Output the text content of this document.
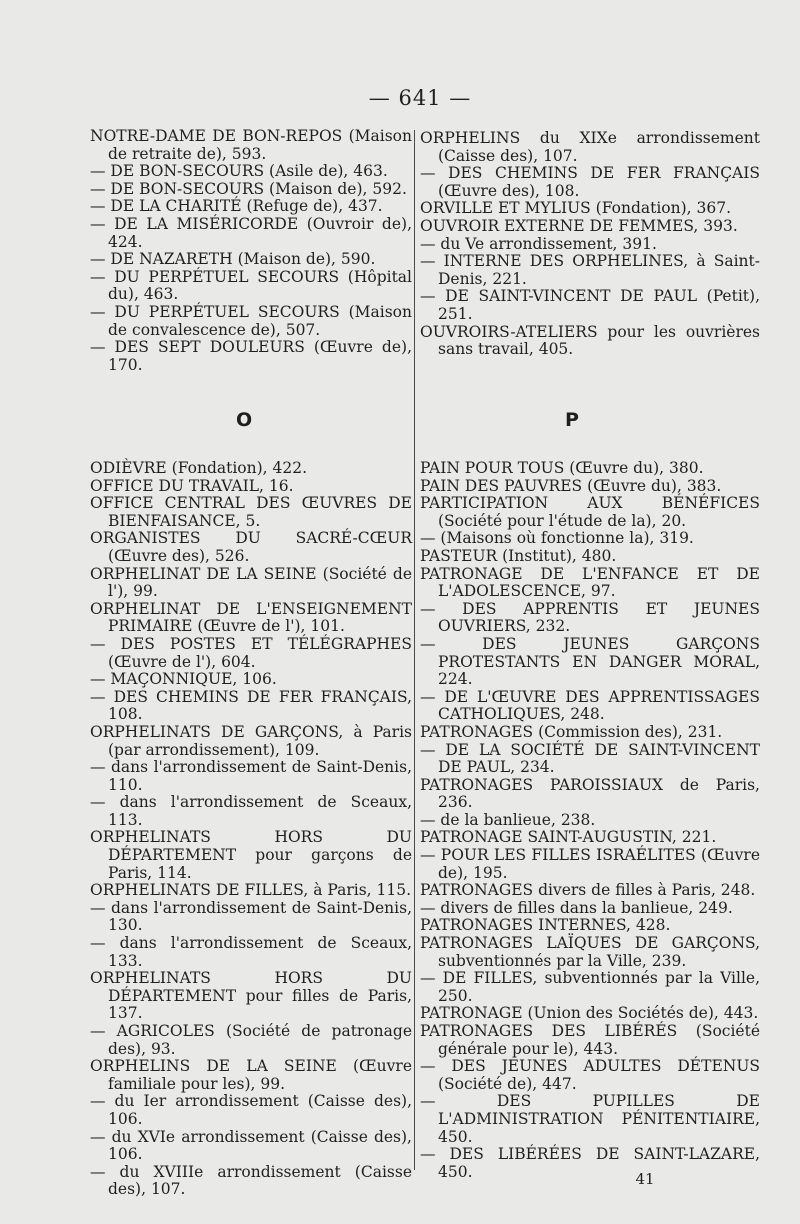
— 641 —

NOTRE-DAME DE BON-REPOS (Maison de retraite de), 593.

— DE BON-SECOURS (Asile de), 463.

— DE BON-SECOURS (Maison de), 592.

— DE LA CHARITÉ (Refuge de), 437.

— DE LA MISÉRICORDE (Ouvroir de), 424.

— DE NAZARETH (Maison de), 590.

— DU PERPÉTUEL SECOURS (Hôpital du), 463.

— DU PERPÉTUEL SECOURS (Maison de convalescence de), 507.

— DES SEPT DOULEURS (Œuvre de), 170.

ORPHELINS du XIXe arrondissement (Caisse des), 107.

— DES CHEMINS DE FER FRANÇAIS (Œuvre des), 108.

ORVILLE ET MYLIUS (Fondation), 367.

OUVROIR EXTERNE DE FEMMES, 393.

— du Ve arrondissement, 391.

— INTERNE DES ORPHELINES, à Saint-Denis, 221.

— DE SAINT-VINCENT DE PAUL (Petit), 251.

OUVROIRS-ATELIERS pour les ouvrières sans travail, 405.

O	P

ODIÈVRE (Fondation), 422.

OFFICE DU TRAVAIL, 16.

OFFICE CENTRAL DES ŒUVRES DE BIENFAISANCE, 5.

ORGANISTES DU SACRÉ-CŒUR (Œuvre des), 526.

ORPHELINAT DE LA SEINE (Société de l'), 99.

ORPHELINAT DE L'ENSEIGNEMENT PRIMAIRE (Œuvre de l'), 101.

— DES POSTES ET TÉLÉGRAPHES (Œuvre de l'), 604.

— MAÇONNIQUE, 106.

— DES CHEMINS DE FER FRANÇAIS, 108.

ORPHELINATS DE GARÇONS, à Paris (par arrondissement), 109.

— dans l'arrondissement de Saint-Denis, 110.

— dans l'arrondissement de Sceaux, 113.

ORPHELINATS HORS DU DÉPARTEMENT pour garçons de Paris, 114.

ORPHELINATS DE FILLES, à Paris, 115.

— dans l'arrondissement de Saint-Denis, 130.

— dans l'arrondissement de Sceaux, 133.

ORPHELINATS HORS DU DÉPARTEMENT pour filles de Paris, 137.

— AGRICOLES (Société de patronage des), 93.

ORPHELINS DE LA SEINE (Œuvre familiale pour les), 99.

— du Ier arrondissement (Caisse des), 106.

— du XVIe arrondissement (Caisse des), 106.

— du XVIIIe arrondissement (Caisse des), 107.

PAIN POUR TOUS (Œuvre du), 380.

PAIN DES PAUVRES (Œuvre du), 383.

PARTICIPATION AUX BÉNÉFICES (Société pour l'étude de la), 20.

— (Maisons où fonctionne la), 319.

PASTEUR (Institut), 480.

PATRONAGE DE L'ENFANCE ET DE L'ADOLESCENCE, 97.

— DES APPRENTIS ET JEUNES OUVRIERS, 232.

— DES JEUNES GARÇONS PROTESTANTS EN DANGER MORAL, 224.

— DE L'ŒUVRE DES APPRENTISSAGES CATHOLIQUES, 248.

PATRONAGES (Commission des), 231.

— DE LA SOCIÉTÉ DE SAINT-VINCENT DE PAUL, 234.

PATRONAGES PAROISSIAUX de Paris, 236.

— de la banlieue, 238.

PATRONAGE SAINT-AUGUSTIN, 221.

— POUR LES FILLES ISRAÉLITES (Œuvre de), 195.

PATRONAGES divers de filles à Paris, 248.

— divers de filles dans la banlieue, 249.

PATRONAGES INTERNES, 428.

PATRONAGES LAÏQUES DE GARÇONS, subventionnés par la Ville, 239.

— DE FILLES, subventionnés par la Ville, 250.

PATRONAGE (Union des Sociétés de), 443.

PATRONAGES DES LIBÉRÉS (Société générale pour le), 443.

— DES JEUNES ADULTES DÉTENUS (Société de), 447.

— DES PUPILLES DE L'ADMINISTRATION PÉNITENTIAIRE, 450.

— DES LIBÉRÉES DE SAINT-LAZARE, 450.	41
